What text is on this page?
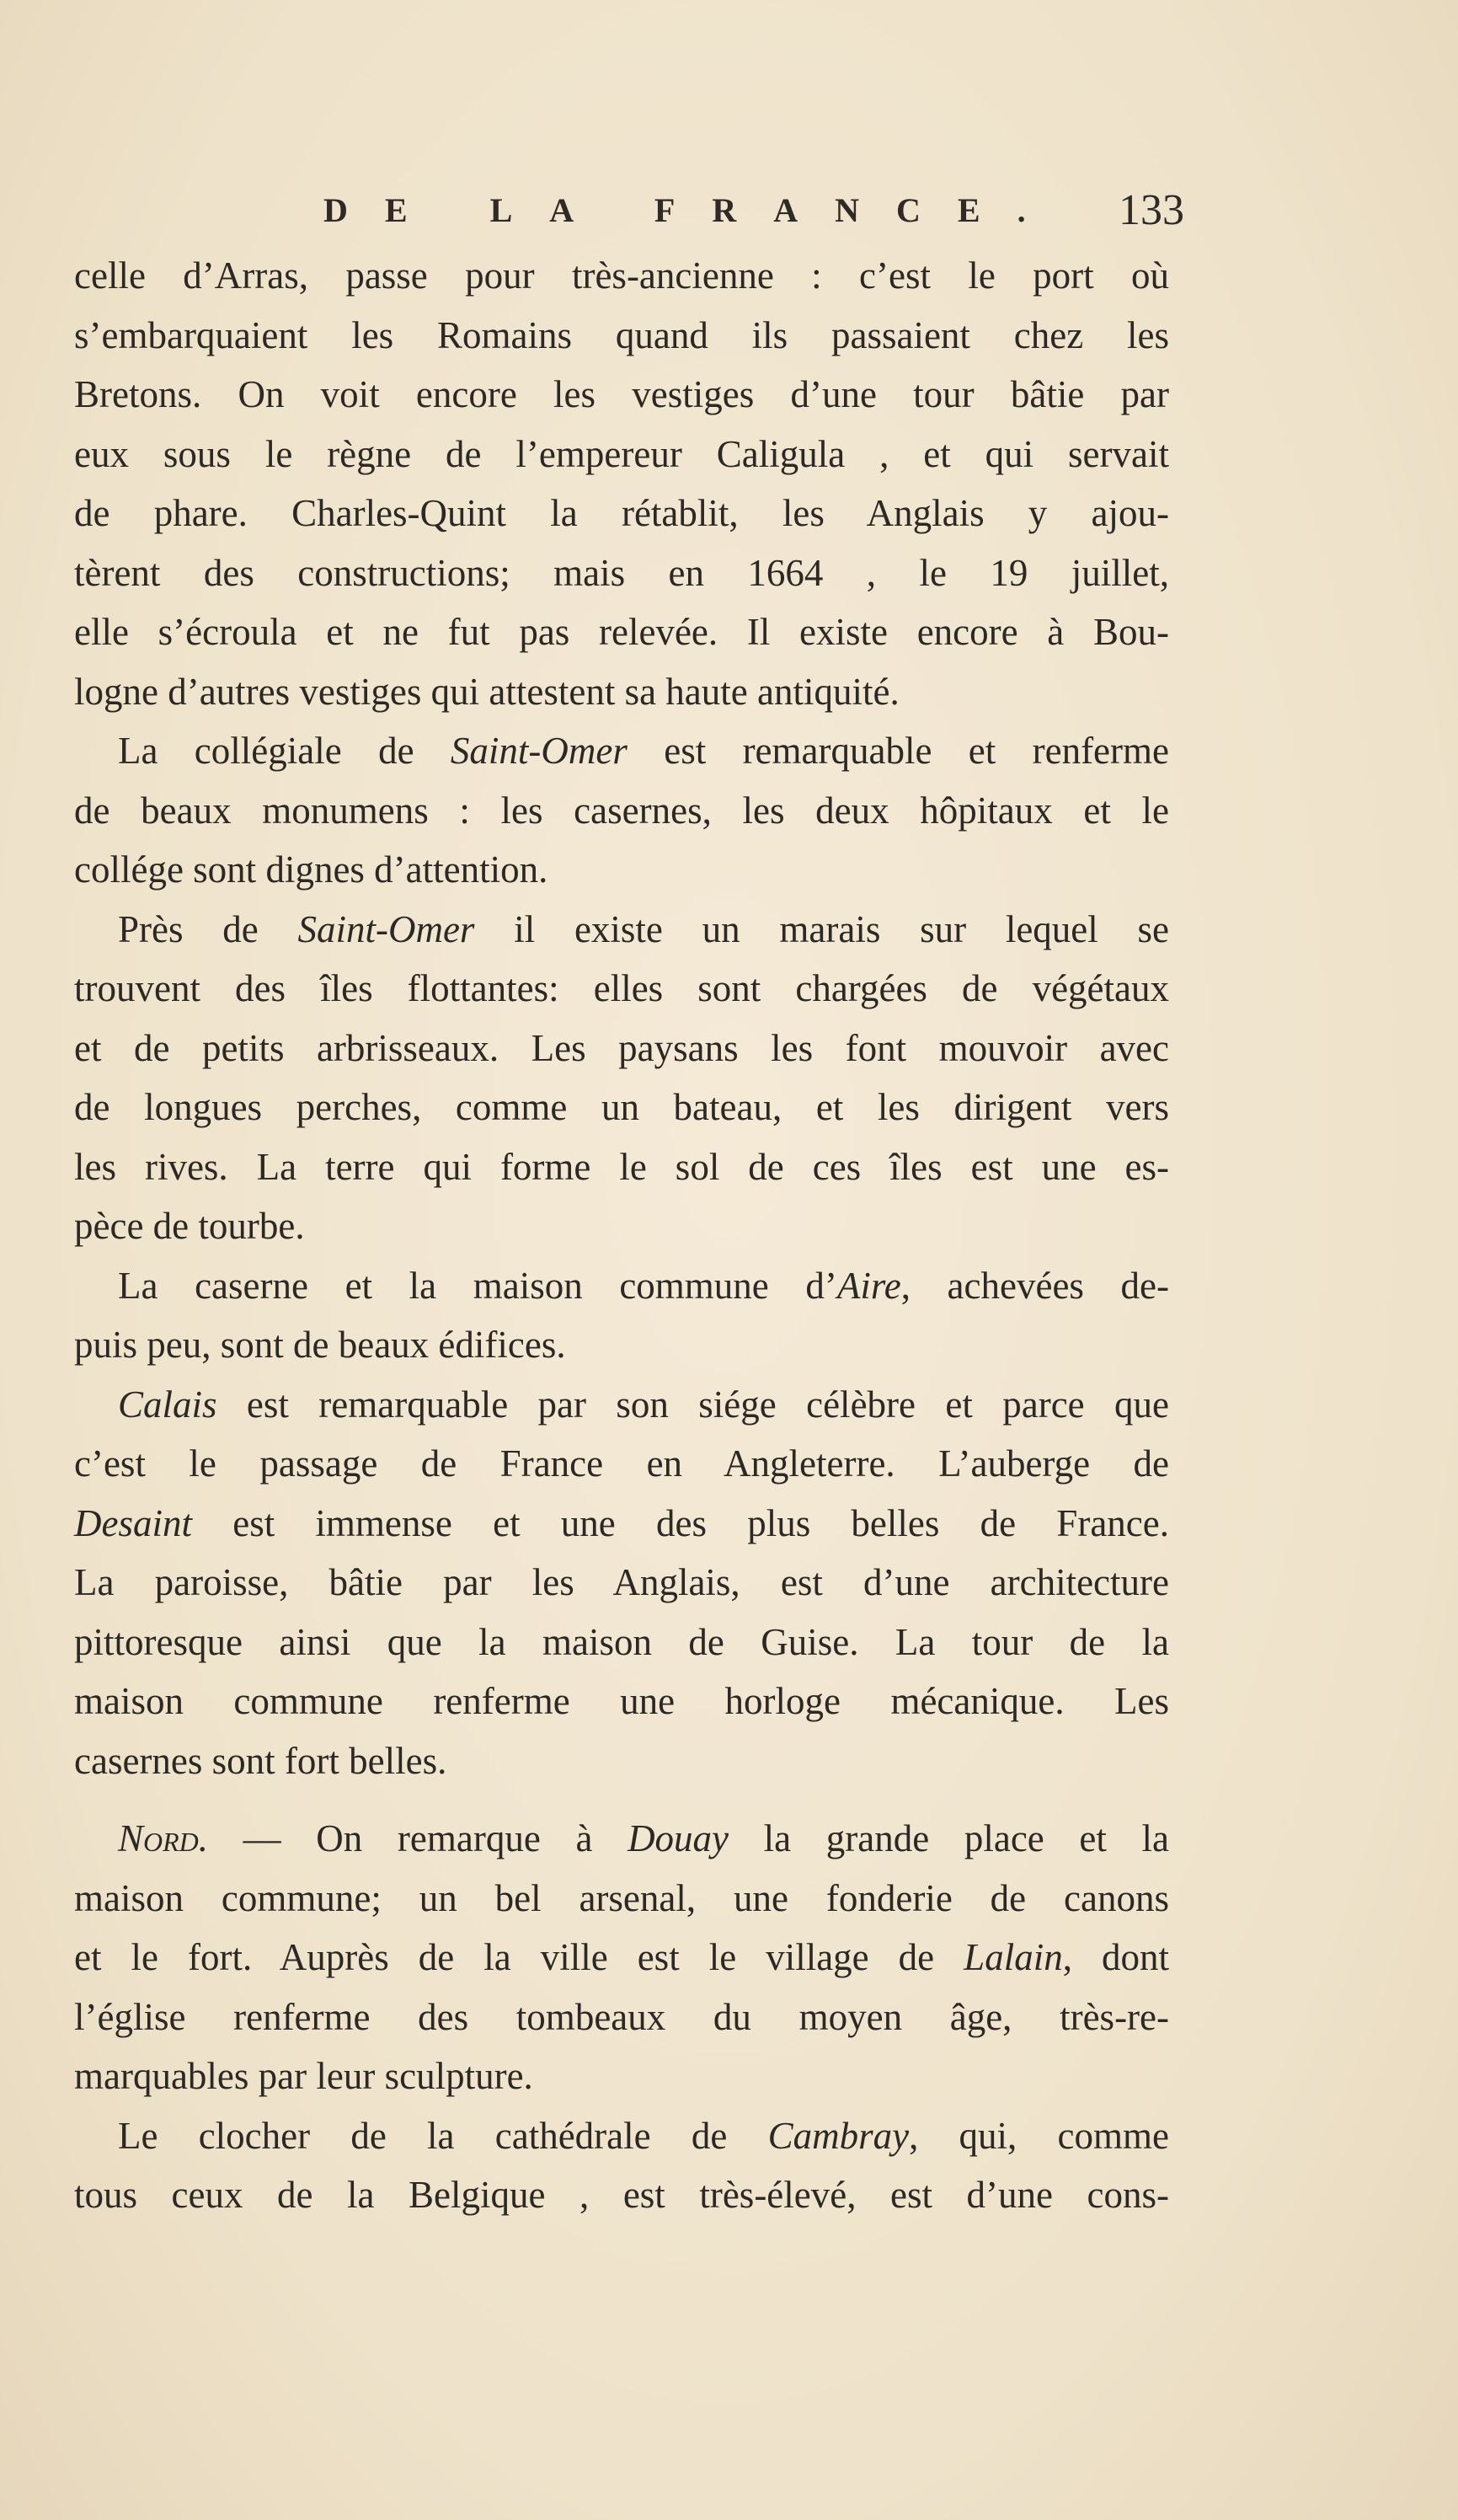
DE LA FRANCE. 133
celle d’Arras, passe pour très-ancienne : c’est le port où
s’embarquaient les Romains quand ils passaient chez les
Bretons. On voit encore les vestiges d’une tour bâtie par
eux sous le règne de l’empereur Caligula , et qui servait
de phare. Charles-Quint la rétablit, les Anglais y ajou-
tèrent des constructions; mais en 1664 , le 19 juillet,
elle s’écroula et ne fut pas relevée. Il existe encore à Bou-
logne d’autres vestiges qui attestent sa haute antiquité.
La collégiale de Saint-Omer est remarquable et renferme
de beaux monumens : les casernes, les deux hôpitaux et le
collége sont dignes d’attention.
Près de Saint-Omer il existe un marais sur lequel se
trouvent des îles flottantes: elles sont chargées de végétaux
et de petits arbrisseaux. Les paysans les font mouvoir avec
de longues perches, comme un bateau, et les dirigent vers
les rives. La terre qui forme le sol de ces îles est une es-
pèce de tourbe.
La caserne et la maison commune d’Aire, achevées de-
puis peu, sont de beaux édifices.
Calais est remarquable par son siége célèbre et parce que
c’est le passage de France en Angleterre. L’auberge de
Desaint est immense et une des plus belles de France.
La paroisse, bâtie par les Anglais, est d’une architecture
pittoresque ainsi que la maison de Guise. La tour de la
maison commune renferme une horloge mécanique. Les
casernes sont fort belles.
Nord. — On remarque à Douay la grande place et la
maison commune; un bel arsenal, une fonderie de canons
et le fort. Auprès de la ville est le village de Lalain, dont
l’église renferme des tombeaux du moyen âge, très-re-
marquables par leur sculpture.
Le clocher de la cathédrale de Cambray, qui, comme
tous ceux de la Belgique , est très-élevé, est d’une cons-
